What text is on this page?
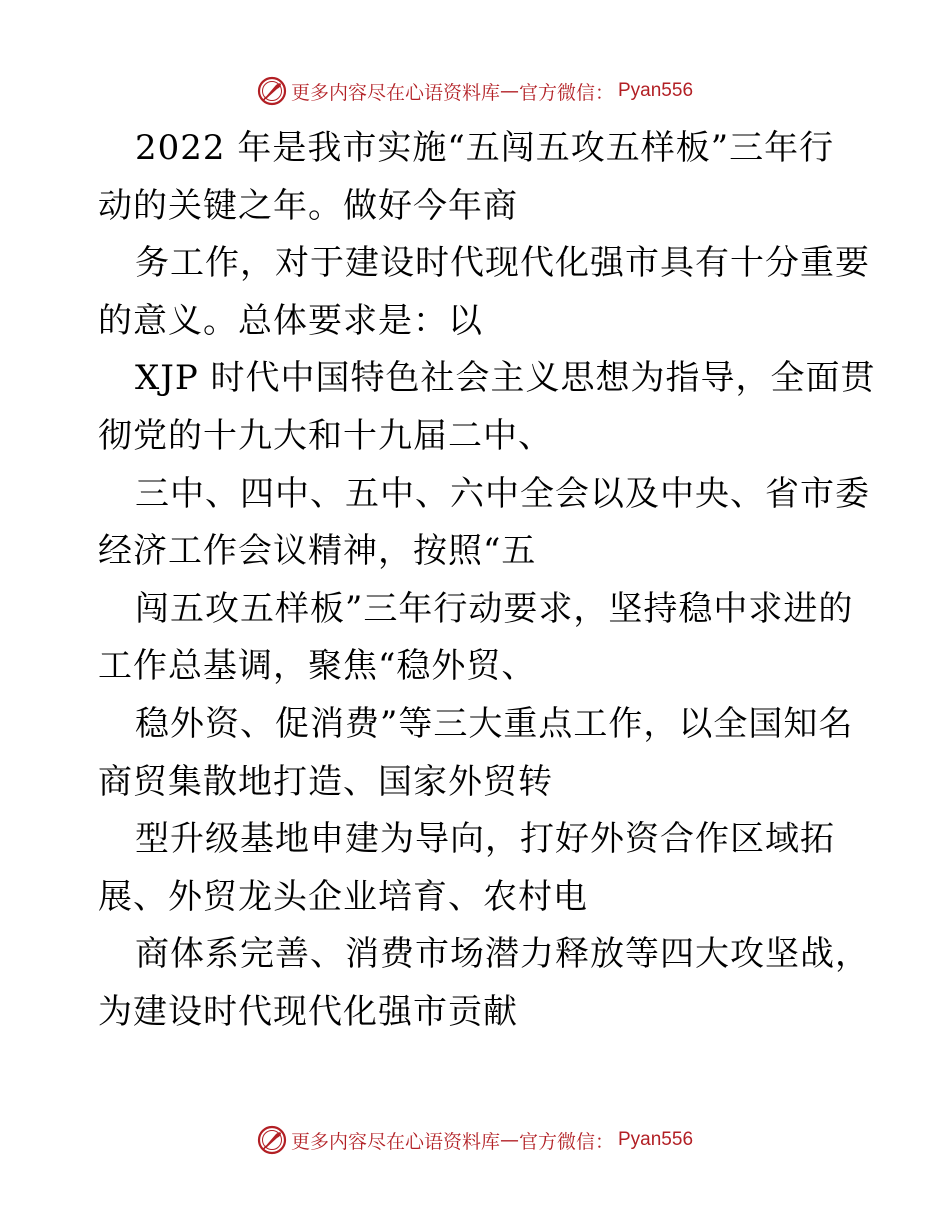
更多内容尽在心语资料库 — 官方微信： Pyan556
2022 年是我市实施“五闯五攻五样板”三年行
动的关键之年。做好今年商
务工作，对于建设时代现代化强市具有十分重要
的意义。总体要求是：以
XJP 时代中国特色社会主义思想为指导，全面贯
彻党的十九大和十九届二中、
三中、四中、五中、六中全会以及中央、省市委
经济工作会议精神，按照“五
闯五攻五样板”三年行动要求，坚持稳中求进的
工作总基调，聚焦“稳外贸、
稳外资、促消费”等三大重点工作，以全国知名
商贸集散地打造、国家外贸转
型升级基地申建为导向，打好外资合作区域拓
展、外贸龙头企业培育、农村电
商体系完善、消费市场潜力释放等四大攻坚战，
为建设时代现代化强市贡献
更多内容尽在心语资料库 — 官方微信： Pyan556
